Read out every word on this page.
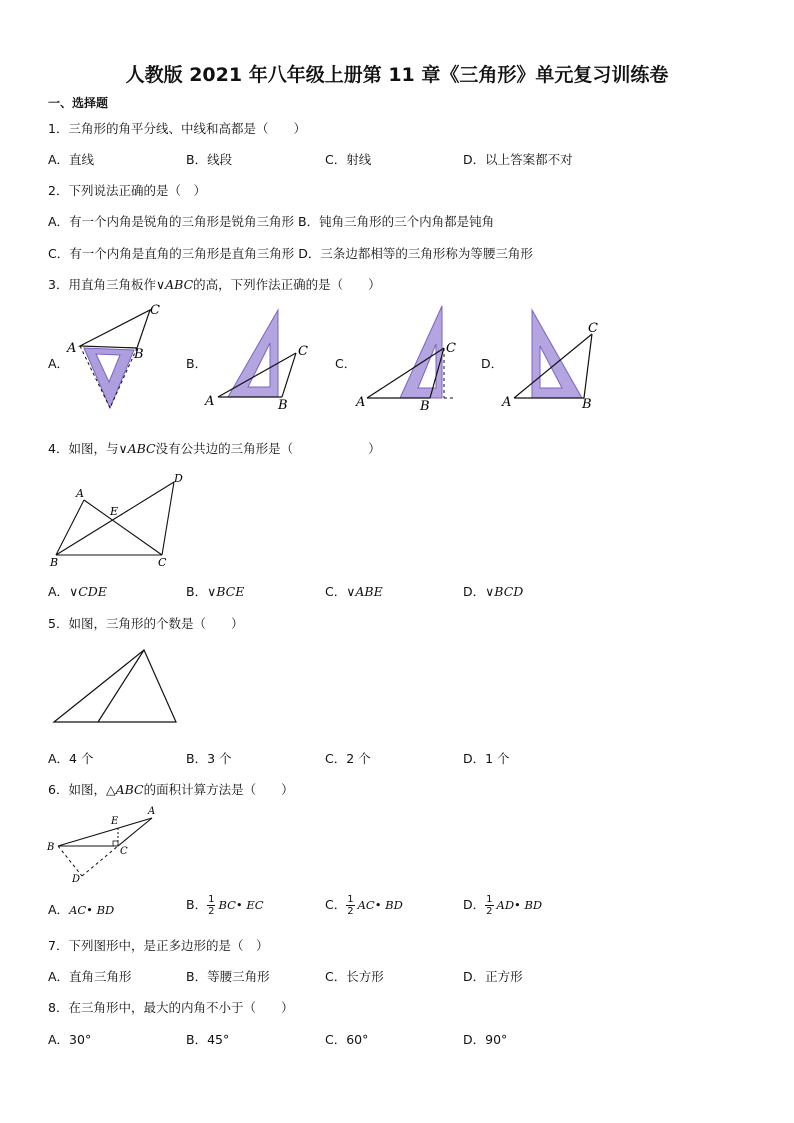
人教版 2021 年八年级上册第 11 章《三角形》单元复习训练卷
一、选择题
1．三角形的角平分线、中线和高都是（　　）
A．直线	B．线段	C．射线	D．以上答案都不对
2．下列说法正确的是（　）
A．有一个内角是锐角的三角形是锐角三角形 B．钝角三角形的三个内角都是钝角
C．有一个内角是直角的三角形是直角三角形 D．三条边都相等的三角形称为等腰三角形
3．用直角三角板作∨ABC的高，下列作法正确的是（　　）
A．	B．	C．	D．
A
C
B
A
C
B	A
C
B	A
C
B
4．如图，与∨ABC没有公共边的三角形是（　　　　　　）
A
E
D
B	C
A．∨CDE	B．∨BCE	C．∨ABE	D．∨BCD
5．如图，三角形的个数是（　　）
A．4 个	B．3 个	C．2 个	D．1 个
6．如图，△ABC的面积计算方法是（　　）
A
E
B	C
D
A．AC• BD	B． $\frac{1}{2}$ BC• EC	C． $\frac{1}{2}$ AC• BD	D． $\frac{1}{2}$ AD• BD
7．下列图形中，是正多边形的是（　）
A．直角三角形	B．等腰三角形	C．长方形	D．正方形
8．在三角形中，最大的内角不小于（　　）
A．30°	B．45°	C．60°	D．90°
